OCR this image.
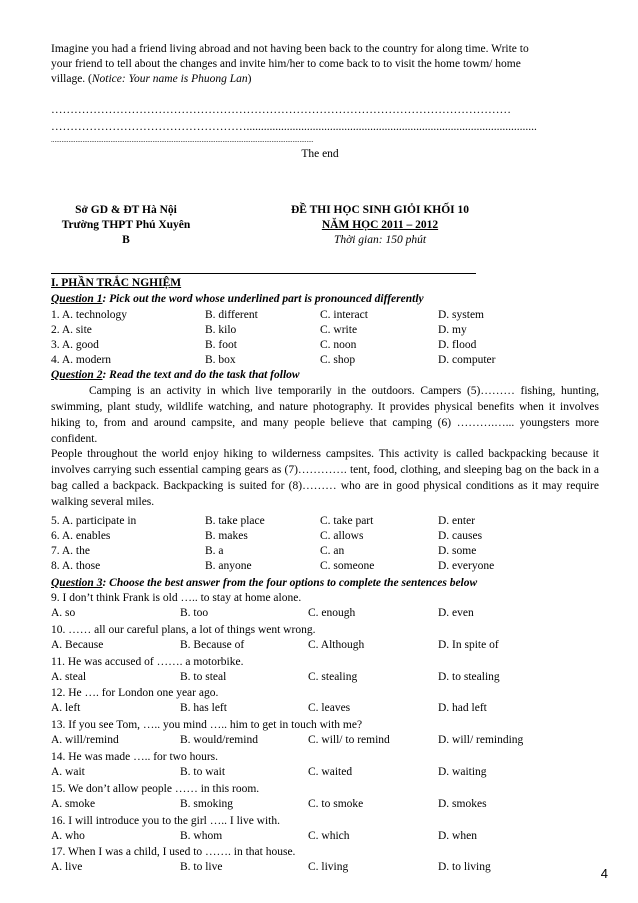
Imagine you had a friend living abroad and not having been back to the country for along time. Write to
your friend to tell about the changes and invite him/her to come back to to visit the home towm/ home
village. (Notice: Your name is Phuong Lan)
…………………………………………………………………………………………………………
…………………………………………….....................................................................................................
......................................................................................................................................................
The end
Sở GD & ĐT Hà Nội
Trường THPT Phú Xuyên
B
ĐỀ THI HỌC SINH GIỎI KHỐI 10
NĂM HỌC 2011 – 2012
Thời gian: 150 phút
I. PHẦN TRẮC NGHIỆM
Question 1: Pick out the word whose underlined part is pronounced differently
1. A. technology	B. different	C. interact	D. system
2. A. site	B. kilo	C. write	D. my
3. A. good	B. foot	C. noon	D. flood
4. A. modern	B. box	C. shop	D. computer
Question 2: Read the text and do the task that follow
Camping is an activity in which live temporarily in the outdoors. Campers (5)……… fishing, hunting, swimming, plant study, wildlife watching, and nature photography. It provides physical benefits when it involves hiking to, from and around campsite, and many people believe that camping (6) ……….…... youngsters more confident.
People throughout the world enjoy hiking to wilderness campsites. This activity is called backpacking because it involves carrying such essential camping gears as (7)…………. tent, food, clothing, and sleeping bag on the back in a bag called a backpack. Backpacking is suited for (8)……… who are in good physical conditions as it may require walking several miles.
5. A. participate in	B. take place	C. take part	D. enter
6. A. enables	B. makes	C. allows	D. causes
7. A. the	B. a	C. an	D. some
8. A. those	B. anyone	C. someone	D. everyone
Question 3: Choose the best answer from the four options to complete the sentences below
9. I don’t think Frank is old ….. to stay at home alone.
A. so	B. too	C. enough	D. even
10. …… all our careful plans, a lot of things went wrong.
A. Because	B. Because of	C. Although	D. In spite of
11. He was accused of ……. a motorbike.
A. steal	B. to steal	C. stealing	D. to stealing
12. He …. for London one year ago.
A. left	B. has left	C. leaves	D. had left
13. If you see Tom, ….. you mind ….. him to get in touch with me?
A. will/remind	B. would/remind	C. will/ to remind	D. will/ reminding
14. He was made ….. for two hours.
A. wait	B. to wait	C. waited	D. waiting
15. We don’t allow people …… in this room.
A. smoke	B. smoking	C. to smoke	D. smokes
16. I will introduce you to the girl ….. I live with.
A. who	B. whom	C. which	D. when
17. When I was a child, I used to ……. in that house.
A. live	B. to live	C. living	D. to living	4
